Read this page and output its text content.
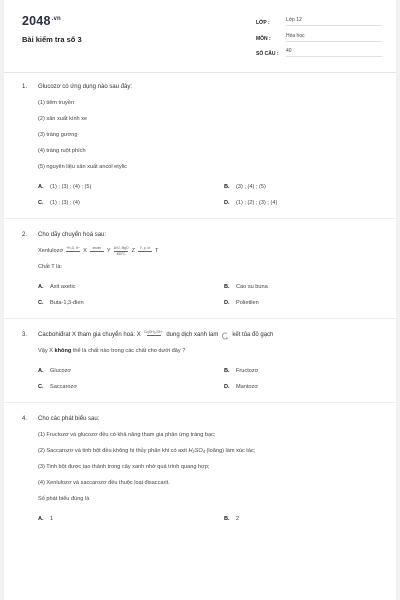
$2048^{.vn}$
Bài kiểm tra số 3
LỚP :	Lớp 12
MÔN :	Hóa học
SỐ CÂU :	40
1.	Glucozơ có ứng dụng nào sau đây:
(1) tiêm truyền
(2) sản xuất kính xe
(3) tráng gương
(4) tráng ruột phích
(5) nguyên liệu sản xuất ancol etylic
A.	(1) ; (3) ; (4) ; (5)	B.	(3) ; (4) ; (5)
C.	(1) ; (3) ; (4)	D.	(1) ; (2) ; (3) ; (4)
2.	Cho dãy chuyển hoá sau:
Xenlulozơ +H₂O, H⁺
X enzim
Y ZnO, MgO
450°C Z t°, p, xt
T
Chất T là:
A.	Axit axetic	B.	Cao su buna
C.	Buta-1,3-đien	D.	Polietilen
3.	Cacbohiđrat X tham gia chuyển hoá: X Cu(OH)₂/OH⁻
dung dịch xanh lam kết tủa đỏ gạch
Vậy X không thể là chất nào trong các chất cho dưới đây ?
A.	Glucozơ	B.	Fructozơ
C.	Saccarozơ	D.	Mantozơ
4.	Cho các phát biểu sau:
(1) Fructozơ và glucozơ đều có khả năng tham gia phản ứng tráng bạc;
(2) Saccarozơ và tinh bột đều không bị thủy phân khi có axit H₂SO₄ (loãng) làm xúc tác;
(3) Tinh bột được tạo thành trong cây xanh nhờ quá trình quang hợp;
(4) Xenlulozơ và saccarozơ đều thuộc loại đisaccarit.
Số phát biểu đúng là
A.	1	B.	2
